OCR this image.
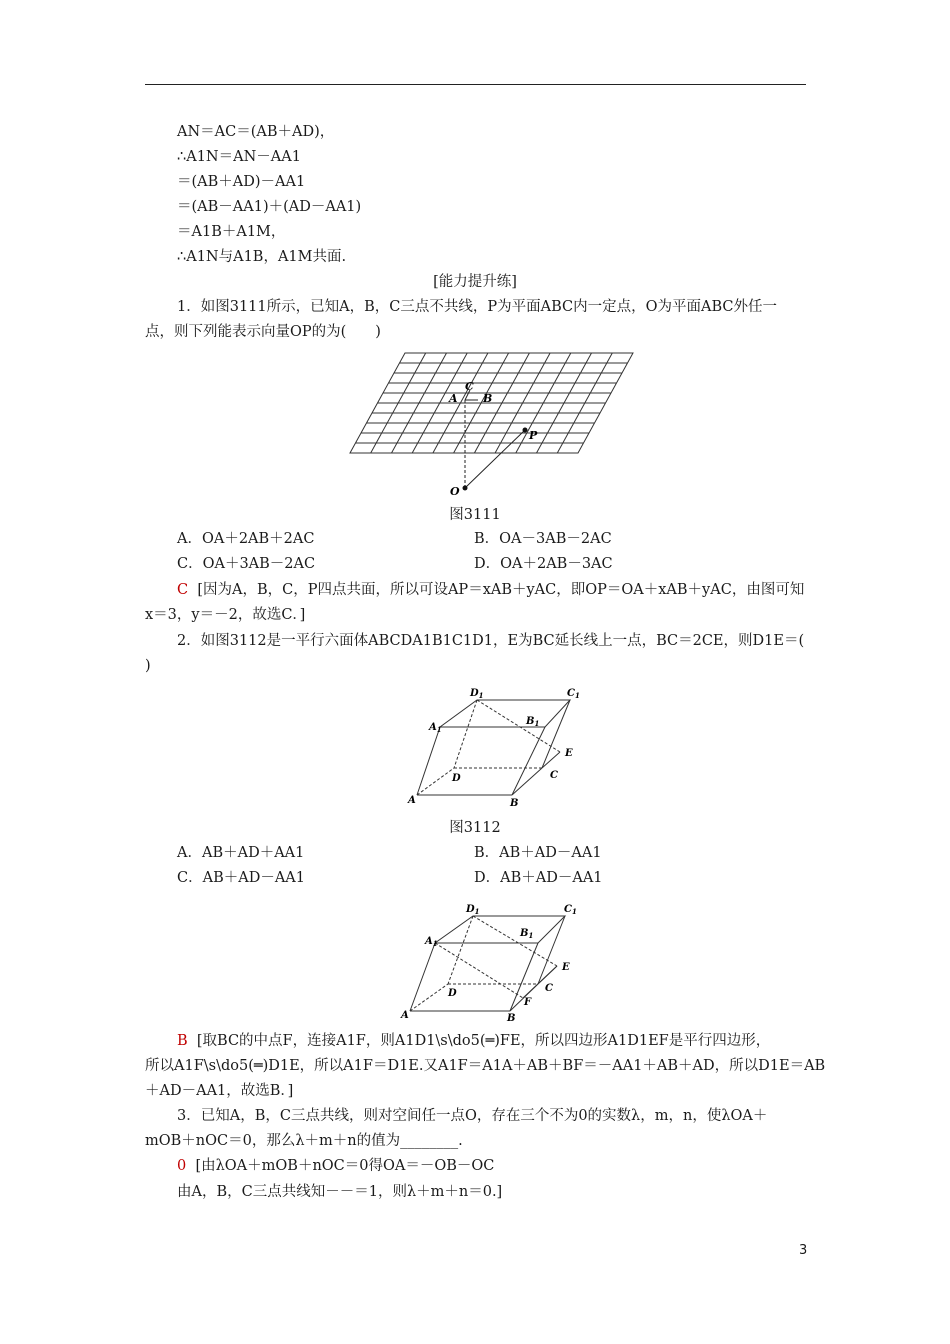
AN＝AC＝(AB＋AD)，
∴A1N＝AN－AA1
＝(AB＋AD)－AA1
＝(AB－AA1)＋(AD－AA1)
＝A1B＋A1M，
∴A1N与A1B，A1M共面.
[能力提升练]
1．如图3111所示，已知A，B，C三点不共线，P为平面ABC内一定点，O为平面ABC外任一
点，则下列能表示向量OP的为(　　)
A
C
B
P
O
图3111
A．OA＋2AB＋2AC	B．OA－3AB－2AC
C．OA＋3AB－2AC	D．OA＋2AB－3AC
C [因为A，B，C，P四点共面，所以可设AP＝xAB＋yAC，即OP＝OA＋xAB＋yAC，由图可知
x＝3，y＝－2，故选C．]
2．如图3112是一平行六面体ABCDA1B1C1D1，E为BC延长线上一点，BC＝2CE，则D1E＝(
)
$D_1$	$C_1$
$A_1$
$B_1$
E
C
D
A	B
图3112
A．AB＋AD＋AA1	B．AB＋AD－AA1
C．AB＋AD－AA1	D．AB＋AD－AA1
$D_1$	$C_1$
$A_1$
$B_1$
E
C
F
D
A	B
B [取BC的中点F，连接A1F，则A1D1\s\do5(═)FE，所以四边形A1D1EF是平行四边形，
所以A1F\s\do5(═)D1E，所以A1F＝D1E.又A1F＝A1A＋AB＋BF＝－AA1＋AB＋AD，所以D1E＝AB
＋AD－AA1，故选B．]
3．已知A，B，C三点共线，则对空间任一点O，存在三个不为0的实数λ，m，n，使λOA＋
mOB＋nOC＝0，那么λ＋m＋n的值为________.
0 [由λOA＋mOB＋nOC＝0得OA＝－OB－OC
由A，B，C三点共线知－－＝1，则λ＋m＋n＝0.]
3
